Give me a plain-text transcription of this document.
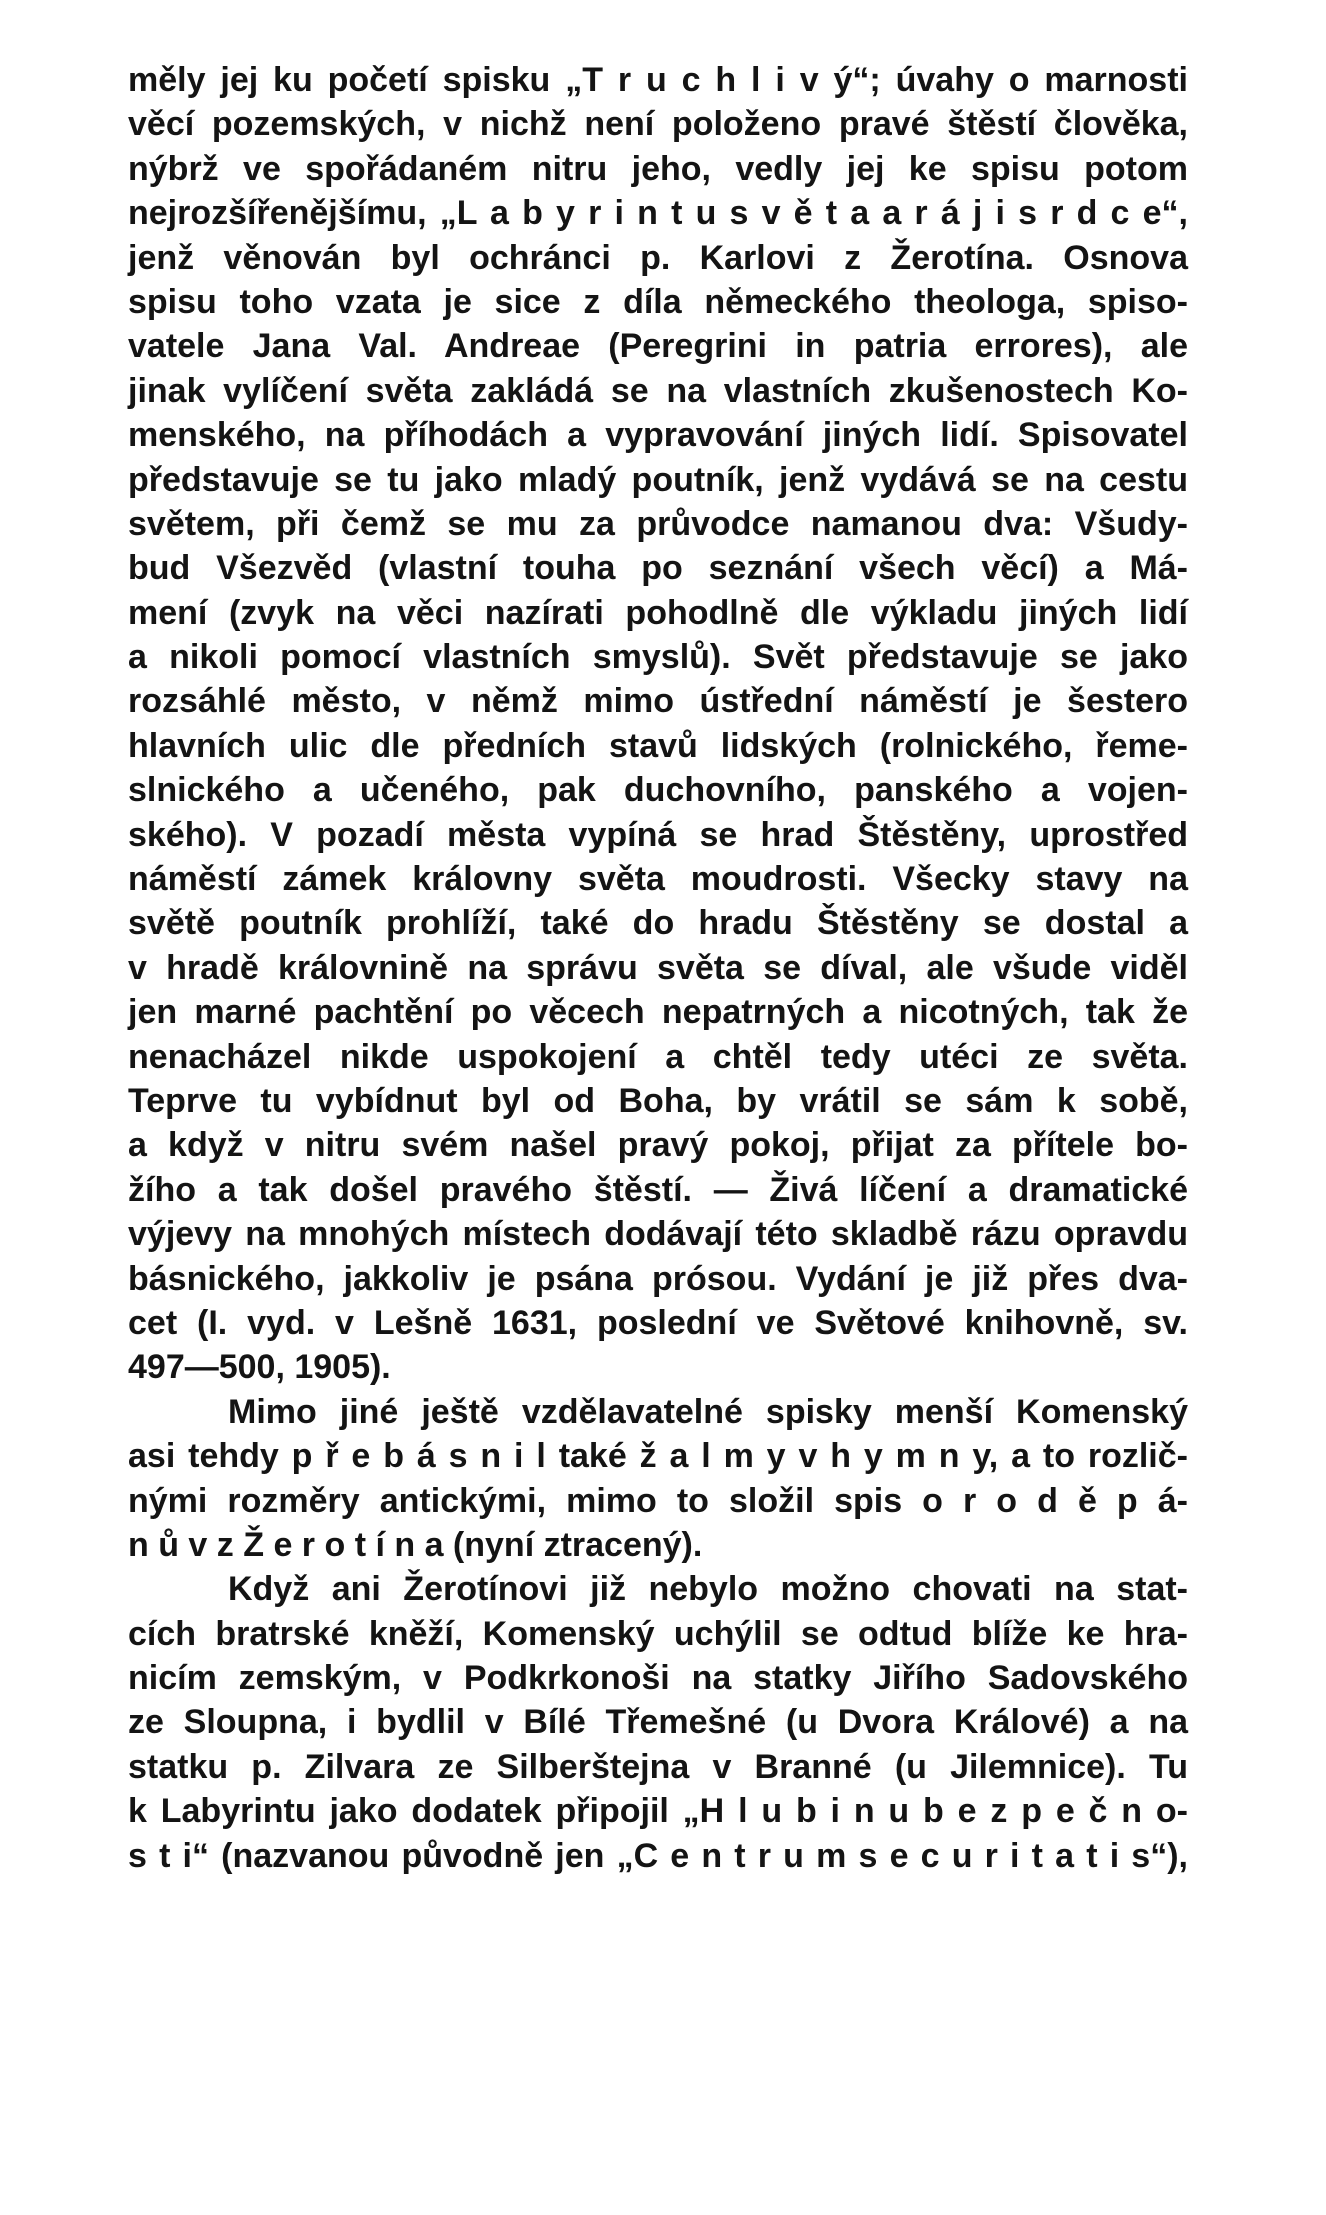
měly jej ku početí spisku „T r u c h l i v ý“; úvahy o marnosti
věcí pozemských, v nichž není položeno pravé štěstí člověka,
nýbrž ve spořádaném nitru jeho, vedly jej ke spisu potom
nejrozšířenějšímu, „L a b y r i n t u s v ě t a a r á j i s r d c e“,
jenž věnován byl ochránci p. Karlovi z Žerotína. Osnova
spisu toho vzata je sice z díla německého theologa, spiso-
vatele Jana Val. Andreae (Peregrini in patria errores), ale
jinak vylíčení světa zakládá se na vlastních zkušenostech Ko-
menského, na příhodách a vypravování jiných lidí. Spisovatel
představuje se tu jako mladý poutník, jenž vydává se na cestu
světem, při čemž se mu za průvodce namanou dva: Všudy-
bud Všezvěd (vlastní touha po seznání všech věcí) a Má-
mení (zvyk na věci nazírati pohodlně dle výkladu jiných lidí
a nikoli pomocí vlastních smyslů). Svět představuje se jako
rozsáhlé město, v němž mimo ústřední náměstí je šestero
hlavních ulic dle předních stavů lidských (rolnického, řeme-
slnického a učeného, pak duchovního, panského a vojen-
ského). V pozadí města vypíná se hrad Štěstěny, uprostřed
náměstí zámek královny světa moudrosti. Všecky stavy na
světě poutník prohlíží, také do hradu Štěstěny se dostal a
v hradě královnině na správu světa se díval, ale všude viděl
jen marné pachtění po věcech nepatrných a nicotných, tak že
nenacházel nikde uspokojení a chtěl tedy utéci ze světa.
Teprve tu vybídnut byl od Boha, by vrátil se sám k sobě,
a když v nitru svém našel pravý pokoj, přijat za přítele bo-
žího a tak došel pravého štěstí. — Živá líčení a dramatické
výjevy na mnohých místech dodávají této skladbě rázu opravdu
básnického, jakkoliv je psána prósou. Vydání je již přes dva-
cet (I. vyd. v Lešně 1631, poslední ve Světové knihovně, sv.
497—500, 1905).
Mimo jiné ještě vzdělavatelné spisky menší Komenský
asi tehdy p ř e b á s n i l také ž a l m y v h y m n y, a to rozlič-
nými rozměry antickými, mimo to složil spis o r o d ě p á-
n ů v z Ž e r o t í n a (nyní ztracený).
Když ani Žerotínovi již nebylo možno chovati na stat-
cích bratrské kněží, Komenský uchýlil se odtud blíže ke hra-
nicím zemským, v Podkrkonoši na statky Jiřího Sadovského
ze Sloupna, i bydlil v Bílé Třemešné (u Dvora Králové) a na
statku p. Zilvara ze Silberštejna v Branné (u Jilemnice). Tu
k Labyrintu jako dodatek připojil „H l u b i n u b e z p e č n o-
s t i“ (nazvanou původně jen „C e n t r u m s e c u r i t a t i s“),
